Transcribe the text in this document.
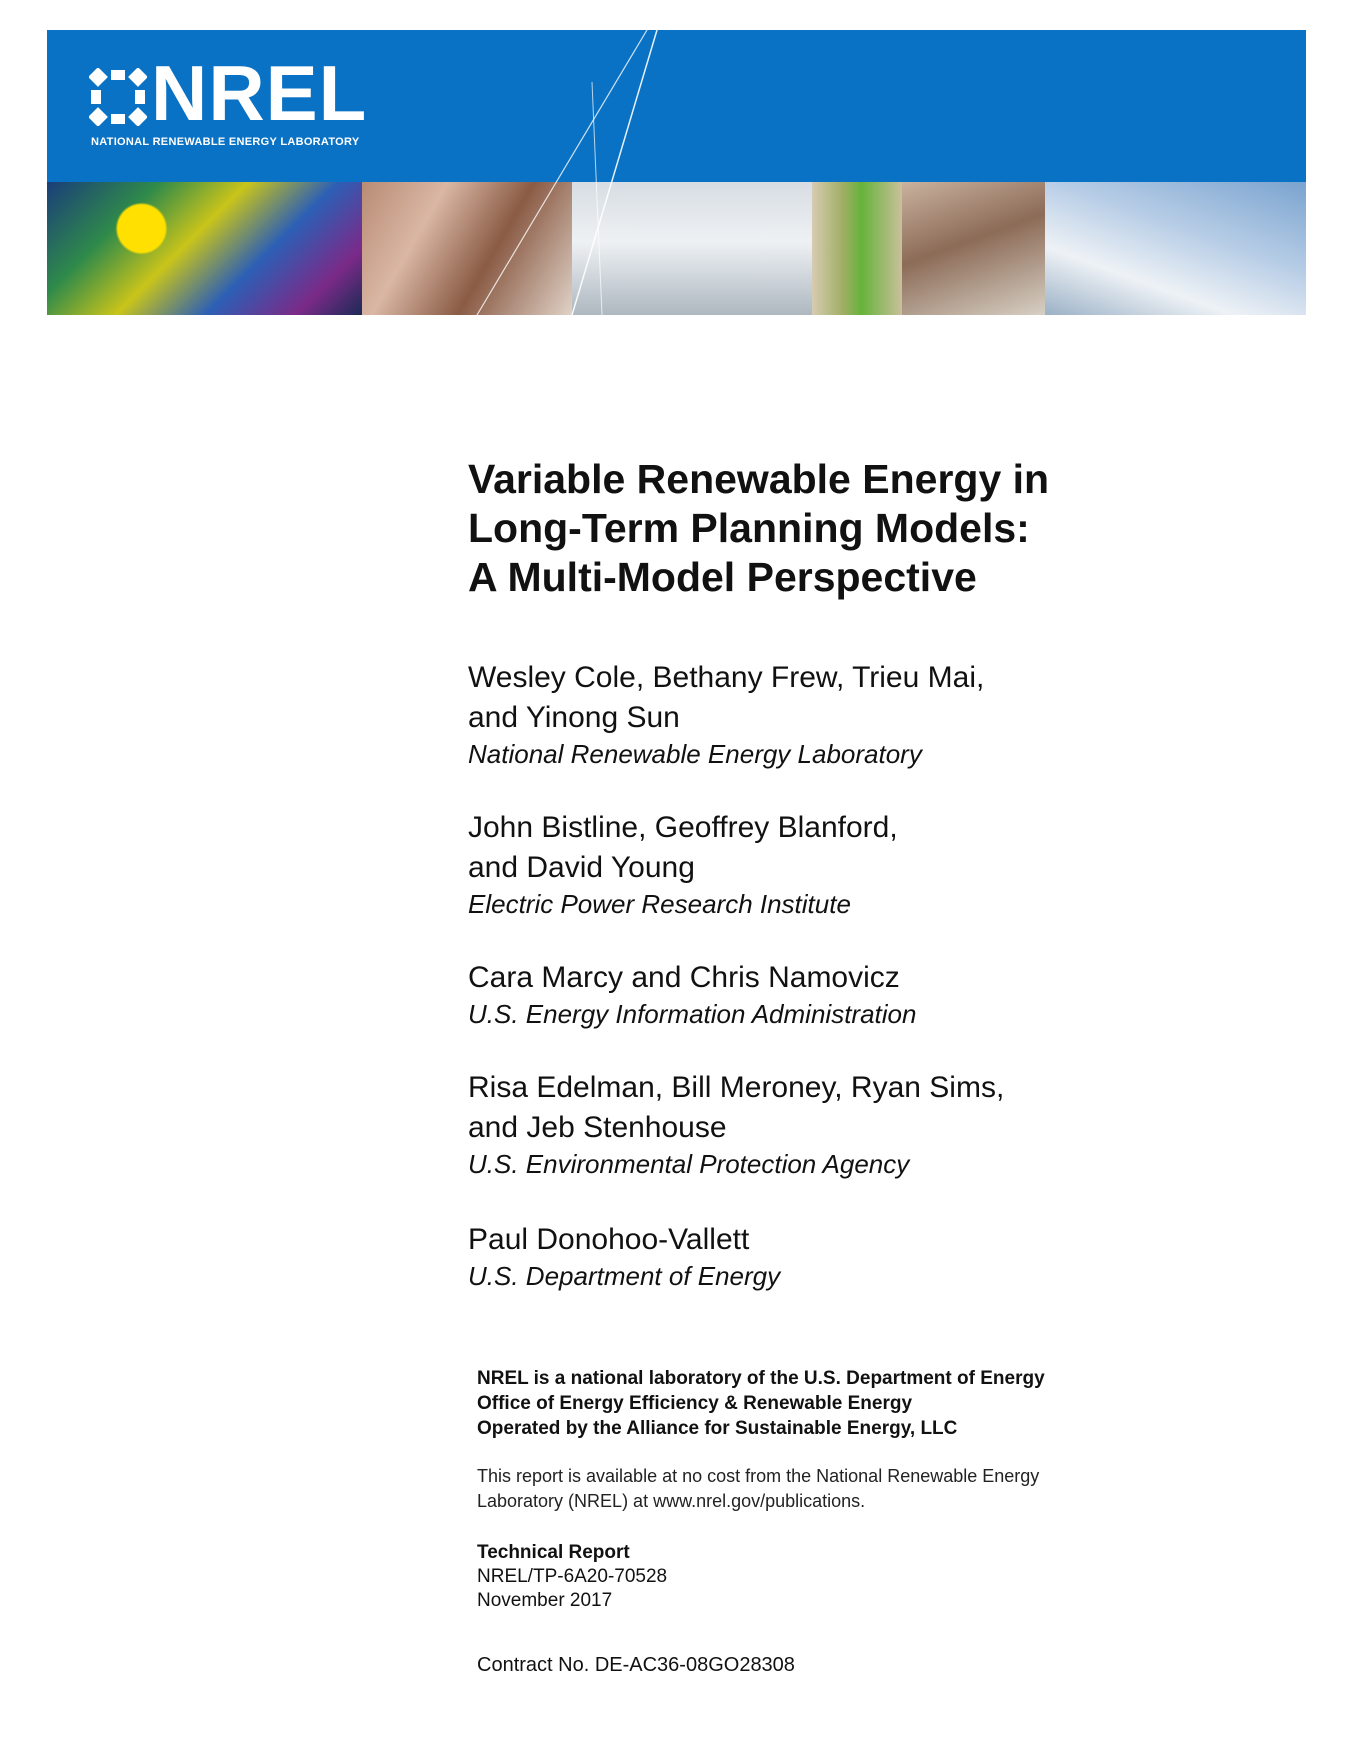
NREL
NATIONAL RENEWABLE ENERGY LABORATORY
Variable Renewable Energy in
Long-Term Planning Models:
A Multi-Model Perspective
Wesley Cole, Bethany Frew, Trieu Mai,
and Yinong Sun
National Renewable Energy Laboratory
John Bistline, Geoffrey Blanford,
and David Young
Electric Power Research Institute
Cara Marcy and Chris Namovicz
U.S. Energy Information Administration
Risa Edelman, Bill Meroney, Ryan Sims,
and Jeb Stenhouse
U.S. Environmental Protection Agency
Paul Donohoo-Vallett
U.S. Department of Energy
NREL is a national laboratory of the U.S. Department of Energy
Office of Energy Efficiency & Renewable Energy
Operated by the Alliance for Sustainable Energy, LLC
This report is available at no cost from the National Renewable Energy
Laboratory (NREL) at www.nrel.gov/publications.
Technical Report
NREL/TP-6A20-70528
November 2017
Contract No. DE-AC36-08GO28308
